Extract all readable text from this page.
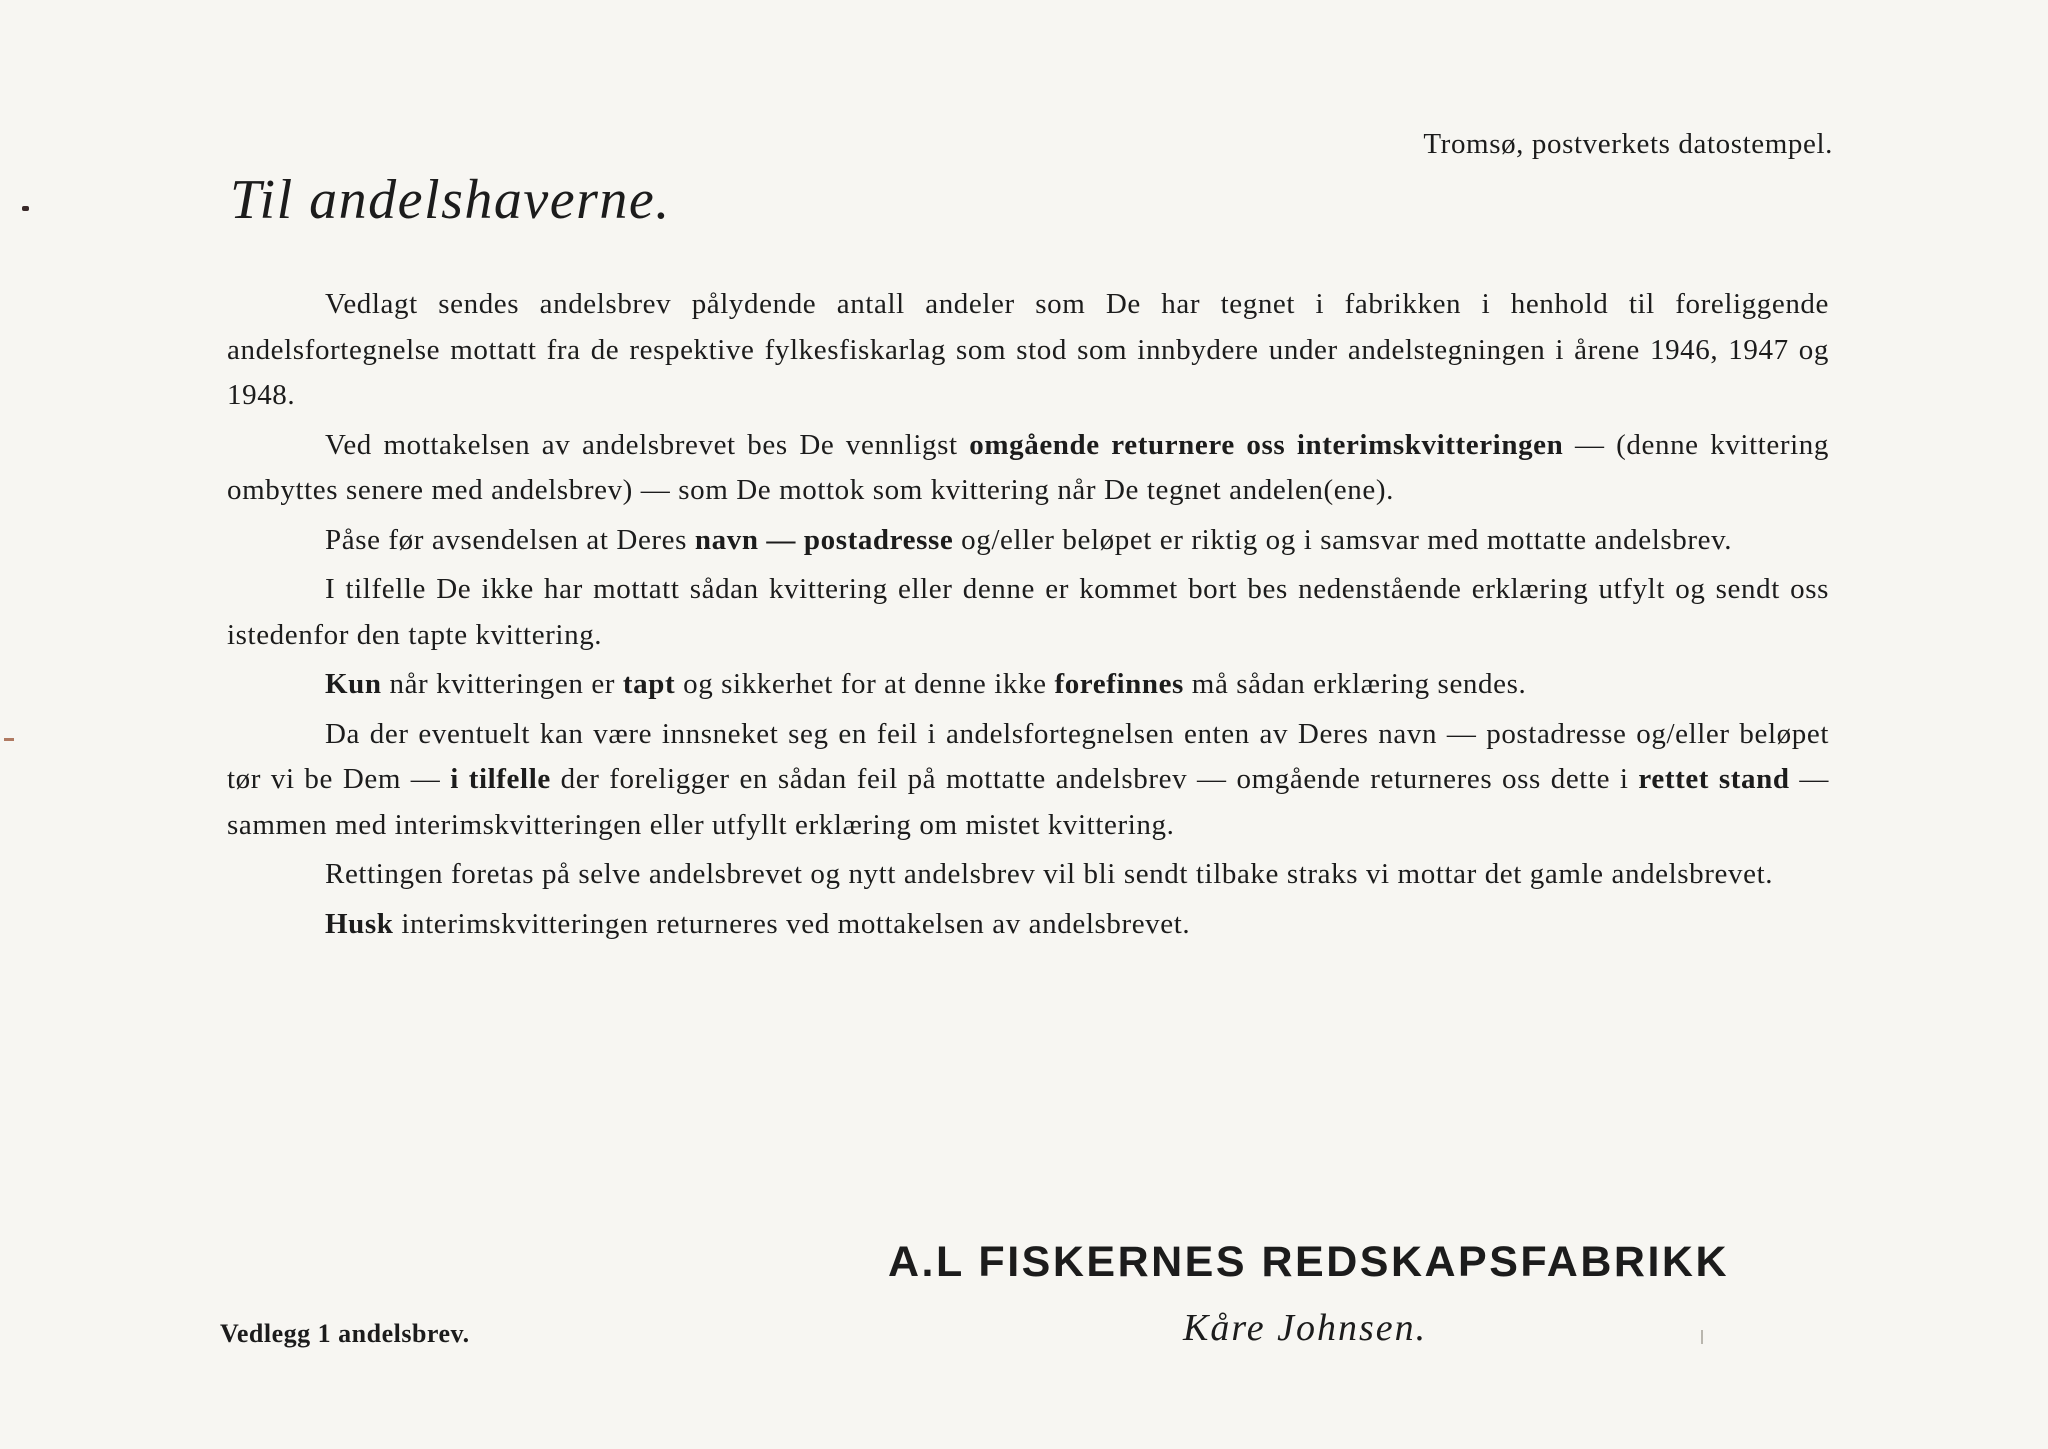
Tromsø, postverkets datostempel.
Til andelshaverne.

Vedlagt sendes andelsbrev pålydende antall andeler som De har tegnet i fabrikken i henhold til foreliggende andelsfortegnelse mottatt fra de respektive fylkesfiskarlag som stod som innbydere under andelstegningen i årene 1946, 1947 og 1948.

Ved mottakelsen av andelsbrevet bes De vennligst omgående returnere oss interimskvitteringen — (denne kvittering ombyttes senere med andelsbrev) — som De mottok som kvittering når De tegnet andelen(ene).

Påse før avsendelsen at Deres navn — postadresse og/eller beløpet er riktig og i samsvar med mottatte andelsbrev.

I tilfelle De ikke har mottatt sådan kvittering eller denne er kommet bort bes nedenstående erklæring utfylt og sendt oss istedenfor den tapte kvittering.

Kun når kvitteringen er tapt og sikkerhet for at denne ikke forefinnes må sådan erklæring sendes.

Da der eventuelt kan være innsneket seg en feil i andelsfortegnelsen enten av Deres navn — postadresse og/eller beløpet tør vi be Dem — i tilfelle der foreligger en sådan feil på mottatte andelsbrev — omgående returneres oss dette i rettet stand — sammen med interimskvitteringen eller utfyllt erklæring om mistet kvittering.

Rettingen foretas på selve andelsbrevet og nytt andelsbrev vil bli sendt tilbake straks vi mottar det gamle andelsbrevet.

Husk interimskvitteringen returneres ved mottakelsen av andelsbrevet.

Vedlegg 1 andelsbrev.
A.L FISKERNES REDSKAPSFABRIKK
Kåre Johnsen.
